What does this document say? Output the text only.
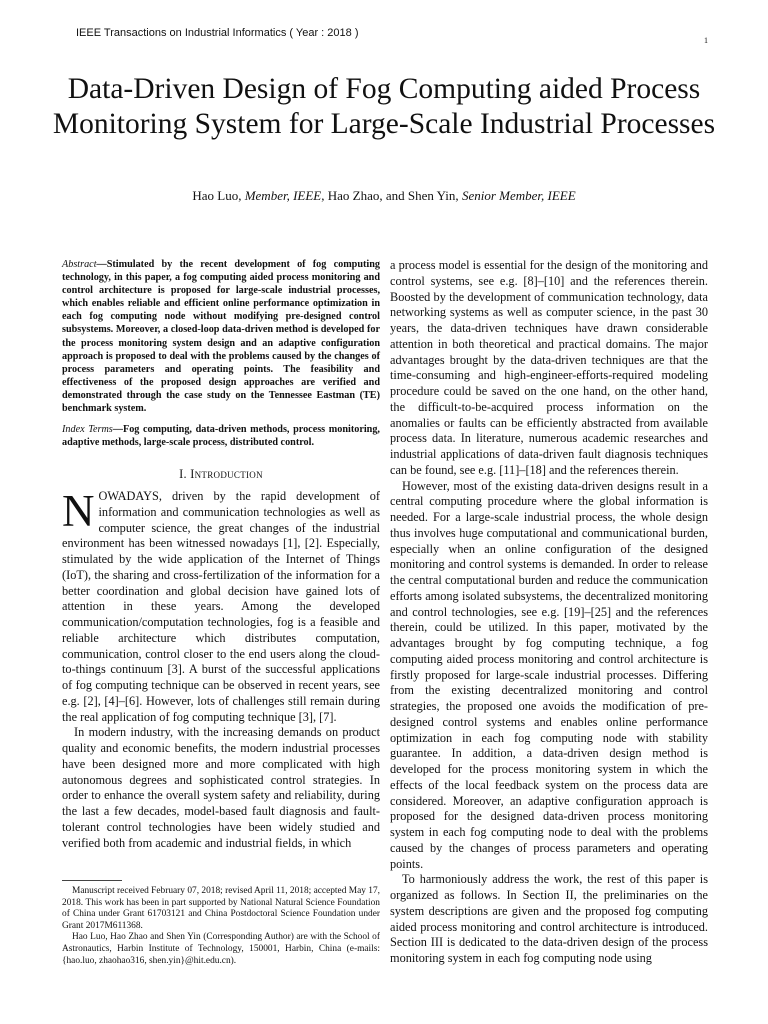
IEEE Transactions on Industrial Informatics ( Year : 2018 )
1
Data-Driven Design of Fog Computing aided Process Monitoring System for Large-Scale Industrial Processes
Hao Luo, Member, IEEE, Hao Zhao, and Shen Yin, Senior Member, IEEE

Abstract—Stimulated by the recent development of fog computing technology, in this paper, a fog computing aided process monitoring and control architecture is proposed for large-scale industrial processes, which enables reliable and efficient online performance optimization in each fog computing node without modifying pre-designed control subsystems. Moreover, a closed-loop data-driven method is developed for the process monitoring system design and an adaptive configuration approach is proposed to deal with the problems caused by the changes of process parameters and operating points. The feasibility and effectiveness of the proposed design approaches are verified and demonstrated through the case study on the Tennessee Eastman (TE) benchmark system.

Index Terms—Fog computing, data-driven methods, process monitoring, adaptive methods, large-scale process, distributed control.

I. Introduction

NOWADAYS, driven by the rapid development of information and communication technologies as well as computer science, the great changes of the industrial environment has been witnessed nowadays [1], [2]. Especially, stimulated by the wide application of the Internet of Things (IoT), the sharing and cross-fertilization of the information for a better coordination and global decision have gained lots of attention in these years. Among the developed communication/computation technologies, fog is a feasible and reliable architecture which distributes computation, communication, control closer to the end users along the cloud-to-things continuum [3]. A burst of the successful applications of fog computing technique can be observed in recent years, see e.g. [2], [4]–[6]. However, lots of challenges still remain during the real application of fog computing technique [3], [7].

In modern industry, with the increasing demands on product quality and economic benefits, the modern industrial processes have been designed more and more complicated with high autonomous degrees and sophisticated control strategies. In order to enhance the overall system safety and reliability, during the last a few decades, model-based fault diagnosis and fault-tolerant control technologies have been widely studied and verified both from academic and industrial fields, in which

Manuscript received February 07, 2018; revised April 11, 2018; accepted May 17, 2018. This work has been in part supported by National Natural Science Foundation of China under Grant 61703121 and China Postdoctoral Science Foundation under Grant 2017M611368.

Hao Luo, Hao Zhao and Shen Yin (Corresponding Author) are with the School of Astronautics, Harbin Institute of Technology, 150001, Harbin, China (e-mails: {hao.luo, zhaohao316, shen.yin}@hit.edu.cn).

a process model is essential for the design of the monitoring and control systems, see e.g. [8]–[10] and the references therein. Boosted by the development of communication technology, data networking systems as well as computer science, in the past 30 years, the data-driven techniques have drawn considerable attention in both theoretical and practical domains. The major advantages brought by the data-driven techniques are that the time-consuming and high-engineer-efforts-required modeling procedure could be saved on the one hand, on the other hand, the difficult-to-be-acquired process information on the anomalies or faults can be efficiently abstracted from available process data. In literature, numerous academic researches and industrial applications of data-driven fault diagnosis techniques can be found, see e.g. [11]–[18] and the references therein.

However, most of the existing data-driven designs result in a central computing procedure where the global information is needed. For a large-scale industrial process, the whole design thus involves huge computational and communicational burden, especially when an online configuration of the designed monitoring and control systems is demanded. In order to release the central computational burden and reduce the communication efforts among isolated subsystems, the decentralized monitoring and control technologies, see e.g. [19]–[25] and the references therein, could be utilized. In this paper, motivated by the advantages brought by fog computing technique, a fog computing aided process monitoring and control architecture is firstly proposed for large-scale industrial processes. Differing from the existing decentralized monitoring and control strategies, the proposed one avoids the modification of pre-designed control systems and enables online performance optimization in each fog computing node with stability guarantee. In addition, a data-driven design method is developed for the process monitoring system in which the effects of the local feedback system on the process data are considered. Moreover, an adaptive configuration approach is proposed for the designed data-driven process monitoring system in each fog computing node to deal with the problems caused by the changes of process parameters and operating points.

To harmoniously address the work, the rest of this paper is organized as follows. In Section II, the preliminaries on the system descriptions are given and the proposed fog computing aided process monitoring and control architecture is introduced. Section III is dedicated to the data-driven design of the process monitoring system in each fog computing node using
